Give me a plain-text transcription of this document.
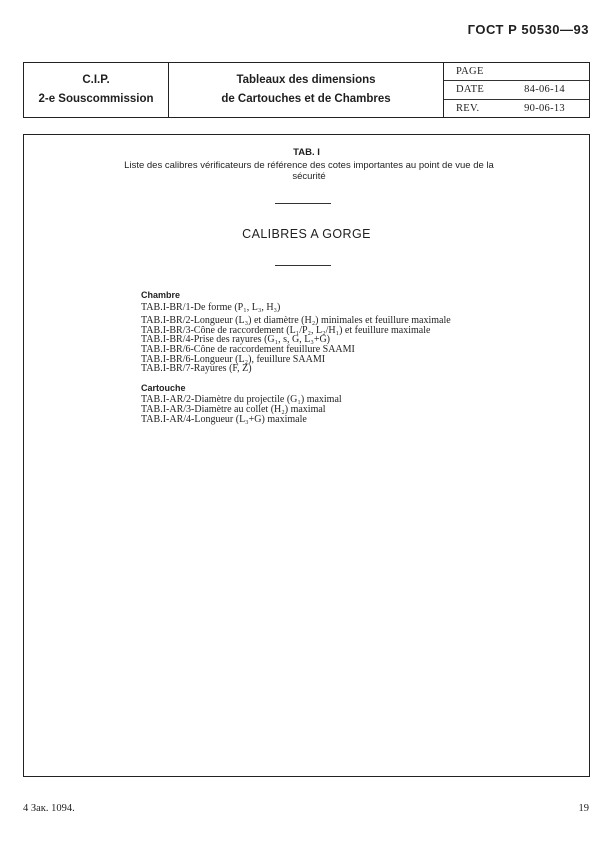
ГОСТ Р 50530—93
C.I.P.
2-e Souscommission
Tableaux des dimensions
de Cartouches et de Chambres
PAGE
DATE	84-06-14
REV.	90-06-13
TAB. I
Liste des calibres vérificateurs de référence des cotes importantes au point de vue de la sécurité
CALIBRES A GORGE
Chambre
TAB.I-BR/1-De forme (P₁, L₃, H₃)
TAB.I-BR/2-Longueur (L₃) et diamètre (H₂) minimales et feuillure maximale
TAB.I-BR/3-Cône de raccordement (L₁/P₂, L₂/H₁) et feuillure maximale
TAB.I-BR/4-Prise des rayures (G₁, s, G, L₃+G)
TAB.I-BR/6-Cône de raccordement feuillure SAAMI
TAB.I-BR/6-Longueur (L₂), feuillure SAAMI
TAB.I-BR/7-Rayures (F, Z)
Cartouche
TAB.I-AR/2-Diamètre du projectile (G₁) maximal
TAB.I-AR/3-Diamètre au collet (H₂) maximal
TAB.I-AR/4-Longueur (L₃+G) maximale
4 Зак. 1094.	19
